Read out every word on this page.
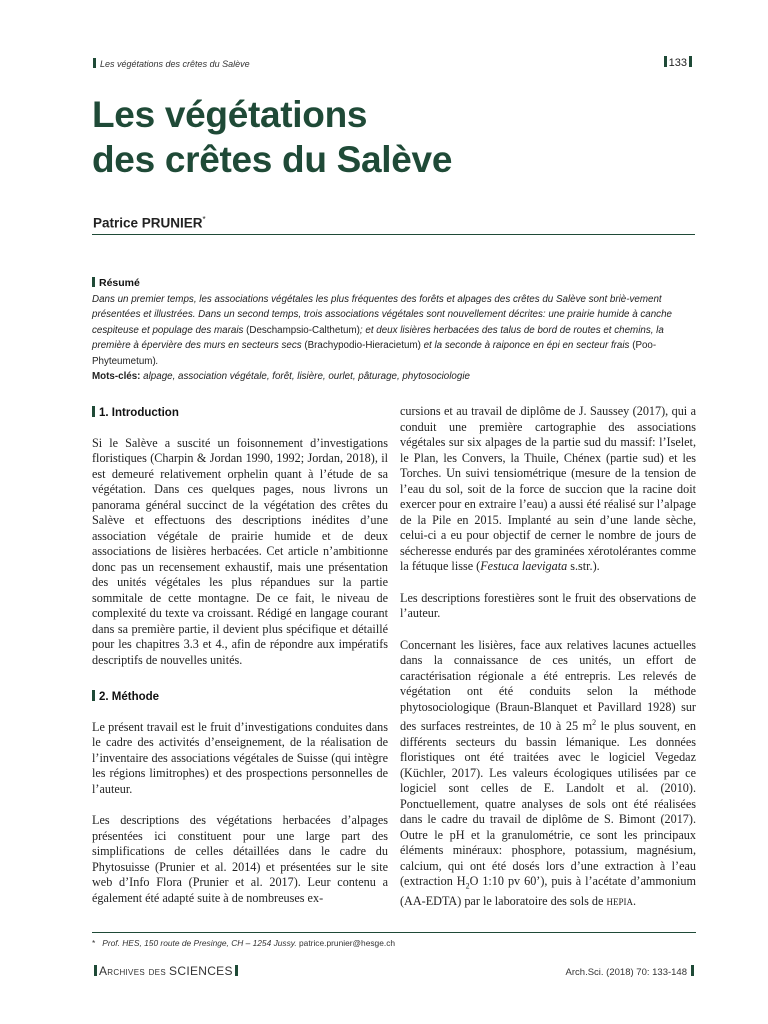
Les végétations des crêtes du Salève	133
Les végétations
des crêtes du Salève
Patrice PRUNIER*
Résumé
Dans un premier temps, les associations végétales les plus fréquentes des forêts et alpages des crêtes du Salève sont briè-vement présentées et illustrées. Dans un second temps, trois associations végétales sont nouvellement décrites: une prairie humide à canche cespiteuse et populage des marais (Deschampsio-Calthetum); et deux lisières herbacées des talus de bord de routes et chemins, la première à épervière des murs en secteurs secs (Brachypodio-Hieracietum) et la seconde à raiponce en épi en secteur frais (Poo-Phyteumetum).
Mots-clés: alpage, association végétale, forêt, lisière, ourlet, pâturage, phytosociologie
1. Introduction

Si le Salève a suscité un foisonnement d’investigations floristiques (Charpin & Jordan 1990, 1992; Jordan, 2018), il est demeuré relativement orphelin quant à l’étude de sa végétation. Dans ces quelques pages, nous livrons un panorama général succinct de la végétation des crêtes du Salève et effectuons des descriptions inédites d’une association végétale de prairie humide et de deux associations de lisières herbacées. Cet article n’ambitionne donc pas un recensement exhaustif, mais une présentation des unités végétales les plus répandues sur la partie sommitale de cette montagne. De ce fait, le niveau de complexité du texte va croissant. Rédigé en langage courant dans sa première partie, il devient plus spécifique et détaillé pour les chapitres 3.3 et 4., afin de répondre aux impératifs descriptifs de nouvelles unités.

2. Méthode

Le présent travail est le fruit d’investigations conduites dans le cadre des activités d’enseignement, de la réalisation de l’inventaire des associations végétales de Suisse (qui intègre les régions limitrophes) et des prospections personnelles de l’auteur.

Les descriptions des végétations herbacées d’alpages présentées ici constituent pour une large part des simplifications de celles détaillées dans le cadre du Phytosuisse (Prunier et al. 2014) et présentées sur le site web d’Info Flora (Prunier et al. 2017). Leur contenu a également été adapté suite à de nombreuses ex-

cursions et au travail de diplôme de J. Saussey (2017), qui a conduit une première cartographie des associations végétales sur six alpages de la partie sud du massif: l’Iselet, le Plan, les Convers, la Thuile, Chénex (partie sud) et les Torches. Un suivi tensiométrique (mesure de la tension de l’eau du sol, soit de la force de succion que la racine doit exercer pour en extraire l’eau) a aussi été réalisé sur l’alpage de la Pile en 2015. Implanté au sein d’une lande sèche, celui-ci a eu pour objectif de cerner le nombre de jours de sécheresse endurés par des graminées xérotolérantes comme la fétuque lisse (Festuca laevigata s.str.).

Les descriptions forestières sont le fruit des observations de l’auteur.

Concernant les lisières, face aux relatives lacunes actuelles dans la connaissance de ces unités, un effort de caractérisation régionale a été entrepris. Les relevés de végétation ont été conduits selon la méthode phytosociologique (Braun-Blanquet et Pavillard 1928) sur des surfaces restreintes, de 10 à 25 $m^2$ le plus souvent, en différents secteurs du bassin lémanique. Les données floristiques ont été traitées avec le logiciel Vegedaz (Küchler, 2017). Les valeurs écologiques utilisées par ce logiciel sont celles de E. Landolt et al. (2010). Ponctuellement, quatre analyses de sols ont été réalisées dans le cadre du travail de diplôme de S. Bimont (2017). Outre le pH et la granulométrie, ce sont les principaux éléments minéraux: phosphore, potassium, magnésium, calcium, qui ont été dosés lors d’une extraction à l’eau (extraction $H_2O$ 1:10 pv 60’), puis à l’acétate d’ammonium (AA-EDTA) par le laboratoire des sols de hepia.

* Prof. HES, 150 route de Presinge, CH – 1254 Jussy. patrice.prunier@hesge.ch
Archives des SCIENCES	Arch.Sci. (2018) 70: 133-148
